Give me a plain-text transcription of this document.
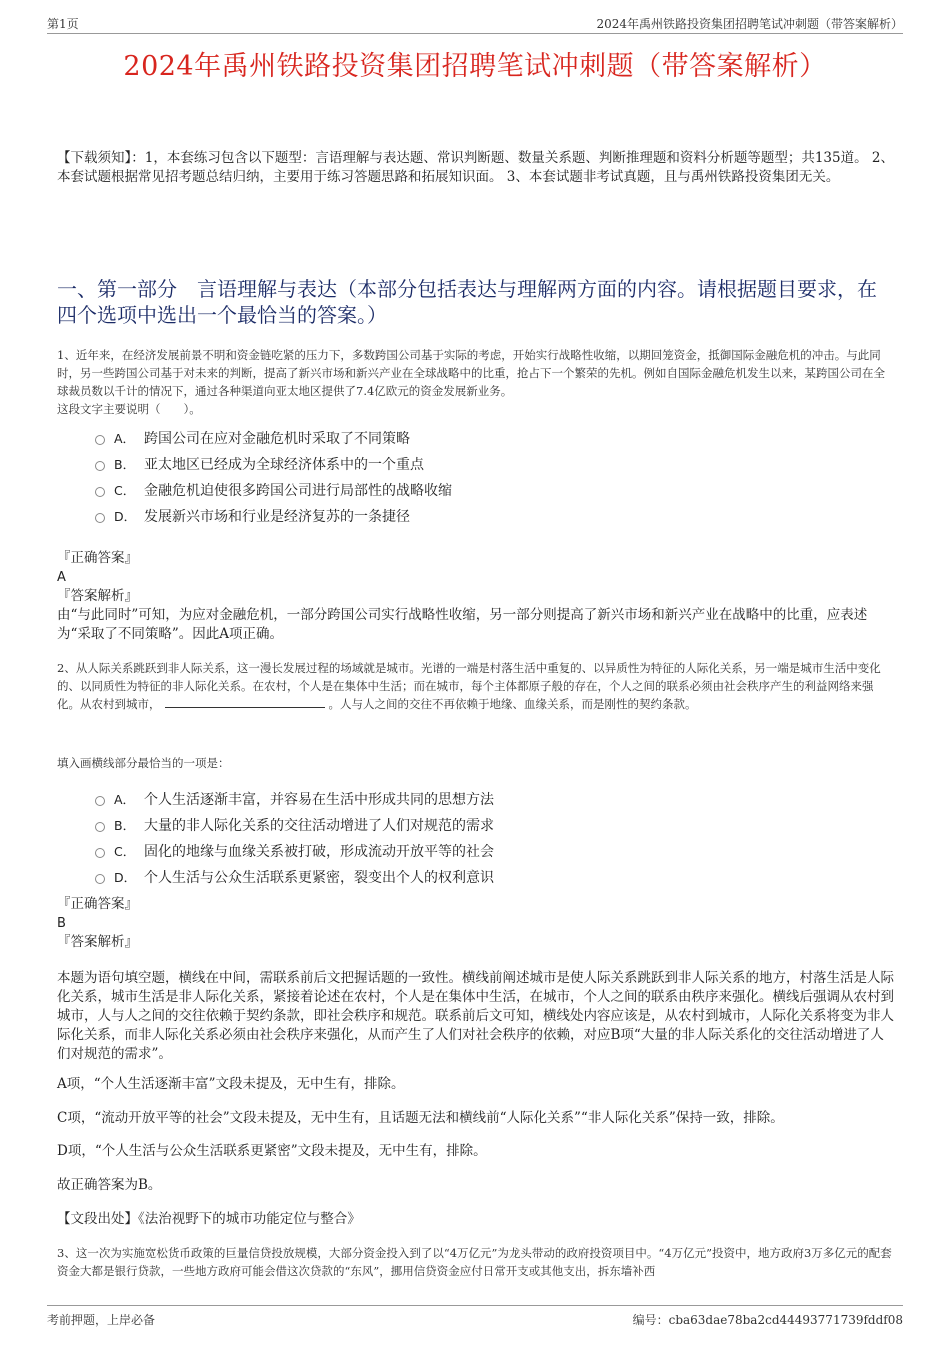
第1页	2024年禹州铁路投资集团招聘笔试冲刺题（带答案解析）
2024年禹州铁路投资集团招聘笔试冲刺题（带答案解析）
【下载须知】：1，本套练习包含以下题型：言语理解与表达题、常识判断题、数量关系题、判断推理题和资料分析题等题型；共135道。 2、本套试题根据常见招考题总结归纳，主要用于练习答题思路和拓展知识面。 3、本套试题非考试真题，且与禹州铁路投资集团无关。
一、第一部分　言语理解与表达（本部分包括表达与理解两方面的内容。请根据题目要求，在四个选项中选出一个最恰当的答案。）
1、近年来，在经济发展前景不明和资金链吃紧的压力下，多数跨国公司基于实际的考虑，开始实行战略性收缩，以期回笼资金，抵御国际金融危机的冲击。与此同时，另一些跨国公司基于对未来的判断，提高了新兴市场和新兴产业在全球战略中的比重，抢占下一个繁荣的先机。例如自国际金融危机发生以来，某跨国公司在全球裁员数以千计的情况下，通过各种渠道向亚太地区提供了7.4亿欧元的资金发展新业务。
这段文字主要说明（　　）。
A． 跨国公司在应对金融危机时采取了不同策略
B． 亚太地区已经成为全球经济体系中的一个重点
C． 金融危机迫使很多跨国公司进行局部性的战略收缩
D． 发展新兴市场和行业是经济复苏的一条捷径
『正确答案』
A
『答案解析』
由“与此同时”可知，为应对金融危机，一部分跨国公司实行战略性收缩，另一部分则提高了新兴市场和新兴产业在战略中的比重，应表述为“采取了不同策略”。因此A项正确。
2、从人际关系跳跃到非人际关系，这一漫长发展过程的场域就是城市。光谱的一端是村落生活中重复的、以异质性为特征的人际化关系，另一端是城市生活中变化的、以同质性为特征的非人际化关系。在农村，个人是在集体中生活；而在城市，每个主体都原子般的存在，个人之间的联系必须由社会秩序产生的利益网络来强化。从农村到城市，	。人与人之间的交往不再依赖于地缘、血缘关系，而是刚性的契约条款。
填入画横线部分最恰当的一项是：
A． 个人生活逐渐丰富，并容易在生活中形成共同的思想方法
B． 大量的非人际化关系的交往活动增进了人们对规范的需求
C． 固化的地缘与血缘关系被打破，形成流动开放平等的社会
D． 个人生活与公众生活联系更紧密，裂变出个人的权利意识
『正确答案』
B
『答案解析』
本题为语句填空题，横线在中间，需联系前后文把握话题的一致性。横线前阐述城市是使人际关系跳跃到非人际关系的地方，村落生活是人际化关系，城市生活是非人际化关系，紧接着论述在农村，个人是在集体中生活，在城市，个人之间的联系由秩序来强化。横线后强调从农村到城市，人与人之间的交往依赖于契约条款，即社会秩序和规范。联系前后文可知，横线处内容应该是，从农村到城市，人际化关系将变为非人际化关系，而非人际化关系必须由社会秩序来强化，从而产生了人们对社会秩序的依赖，对应B项“大量的非人际关系化的交往活动增进了人们对规范的需求”。
A项，“个人生活逐渐丰富”文段未提及，无中生有，排除。
C项，“流动开放平等的社会”文段未提及，无中生有，且话题无法和横线前“人际化关系”“非人际化关系”保持一致，排除。
D项，“个人生活与公众生活联系更紧密”文段未提及，无中生有，排除。
故正确答案为B。
【文段出处】《法治视野下的城市功能定位与整合》
3、这一次为实施宽松货币政策的巨量信贷投放规模，大部分资金投入到了以“4万亿元”为龙头带动的政府投资项目中。“4万亿元”投资中，地方政府3万多亿元的配套资金大都是银行贷款，一些地方政府可能会借这次贷款的“东风”，挪用信贷资金应付日常开支或其他支出，拆东墙补西
考前押题，上岸必备	编号：cba63dae78ba2cd44493771739fddf08
